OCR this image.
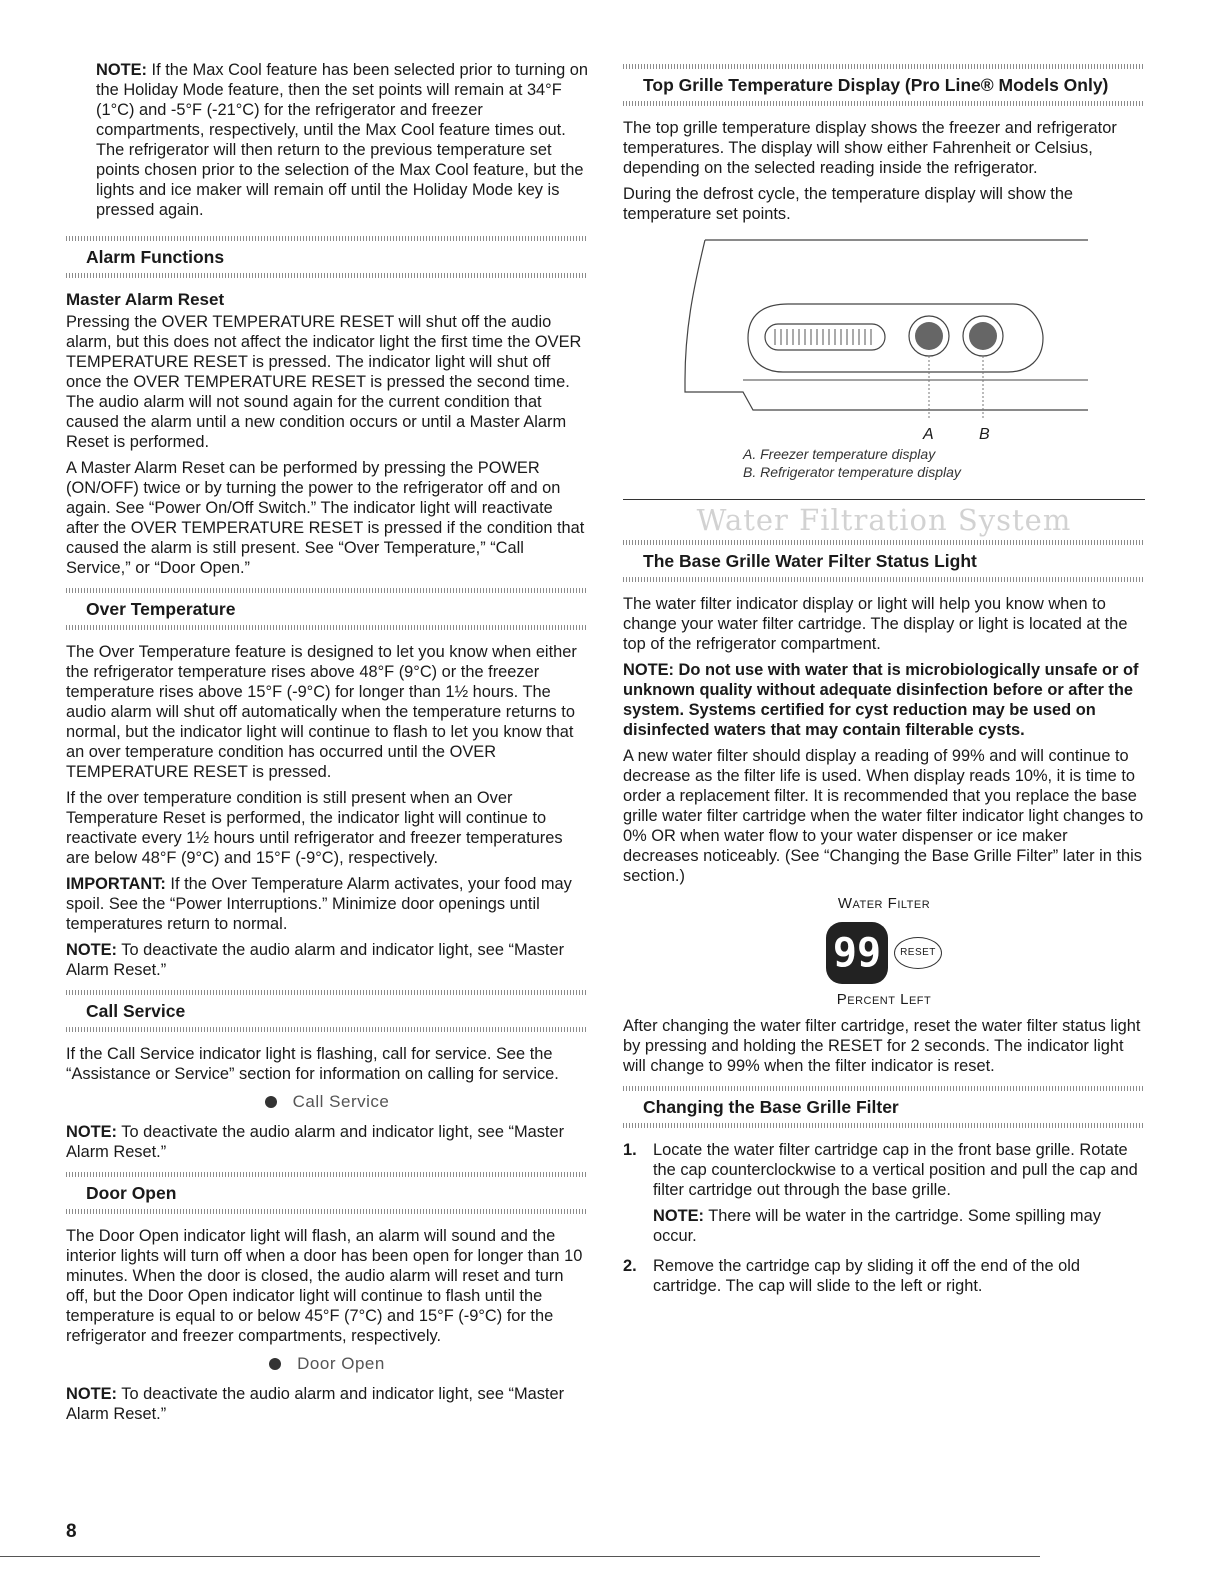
NOTE: If the Max Cool feature has been selected prior to turning on the Holiday Mode feature, then the set points will remain at 34°F (1°C) and -5°F (-21°C) for the refrigerator and freezer compartments, respectively, until the Max Cool feature times out. The refrigerator will then return to the previous temperature set points chosen prior to the selection of the Max Cool feature, but the lights and ice maker will remain off until the Holiday Mode key is pressed again.

Alarm Functions
Master Alarm Reset

Pressing the OVER TEMPERATURE RESET will shut off the audio alarm, but this does not affect the indicator light the first time the OVER TEMPERATURE RESET is pressed. The indicator light will shut off once the OVER TEMPERATURE RESET is pressed the second time. The audio alarm will not sound again for the current condition that caused the alarm until a new condition occurs or until a Master Alarm Reset is performed.

A Master Alarm Reset can be performed by pressing the POWER (ON/OFF) twice or by turning the power to the refrigerator off and on again. See “Power On/Off Switch.” The indicator light will reactivate after the OVER TEMPERATURE RESET is pressed if the condition that caused the alarm is still present. See “Over Temperature,” “Call Service,” or “Door Open.”

Over Temperature

The Over Temperature feature is designed to let you know when either the refrigerator temperature rises above 48°F (9°C) or the freezer temperature rises above 15°F (-9°C) for longer than 1½ hours. The audio alarm will shut off automatically when the temperature returns to normal, but the indicator light will continue to flash to let you know that an over temperature condition has occurred until the OVER TEMPERATURE RESET is pressed.

If the over temperature condition is still present when an Over Temperature Reset is performed, the indicator light will continue to reactivate every 1½ hours until refrigerator and freezer temperatures are below 48°F (9°C) and 15°F (-9°C), respectively.

IMPORTANT: If the Over Temperature Alarm activates, your food may spoil. See the “Power Interruptions.” Minimize door openings until temperatures return to normal.

NOTE: To deactivate the audio alarm and indicator light, see “Master Alarm Reset.”

Call Service

If the Call Service indicator light is flashing, call for service. See the “Assistance or Service” section for information on calling for service.

Call Service

NOTE: To deactivate the audio alarm and indicator light, see “Master Alarm Reset.”

Door Open

The Door Open indicator light will flash, an alarm will sound and the interior lights will turn off when a door has been open for longer than 10 minutes. When the door is closed, the audio alarm will reset and turn off, but the Door Open indicator light will continue to flash until the temperature is equal to or below 45°F (7°C) and 15°F (-9°C) for the refrigerator and freezer compartments, respectively.

Door Open

NOTE: To deactivate the audio alarm and indicator light, see “Master Alarm Reset.”

Top Grille Temperature Display (Pro Line® Models Only)

The top grille temperature display shows the freezer and refrigerator temperatures. The display will show either Fahrenheit or Celsius, depending on the selected reading inside the refrigerator.

During the defrost cycle, the temperature display will show the temperature set points.

A	B
A. Freezer temperature display
B. Refrigerator temperature display
Water Filtration System
The Base Grille Water Filter Status Light

The water filter indicator display or light will help you know when to change your water filter cartridge. The display or light is located at the top of the refrigerator compartment.

NOTE: Do not use with water that is microbiologically unsafe or of unknown quality without adequate disinfection before or after the system. Systems certified for cyst reduction may be used on disinfected waters that may contain filterable cysts.

A new water filter should display a reading of 99% and will continue to decrease as the filter life is used. When display reads 10%, it is time to order a replacement filter. It is recommended that you replace the base grille water filter cartridge when the water filter indicator light changes to 0% OR when water flow to your water dispenser or ice maker decreases noticeably. (See “Changing the Base Grille Filter” later in this section.)

Water Filter
99	RESET
Percent Left

After changing the water filter cartridge, reset the water filter status light by pressing and holding the RESET for 2 seconds. The indicator light will change to 99% when the filter indicator is reset.

Changing the Base Grille Filter
1. Locate the water filter cartridge cap in the front base grille. Rotate the cap counterclockwise to a vertical position and pull the cap and filter cartridge out through the base grille.
NOTE: There will be water in the cartridge. Some spilling may occur.
2. Remove the cartridge cap by sliding it off the end of the old cartridge. The cap will slide to the left or right.
8
